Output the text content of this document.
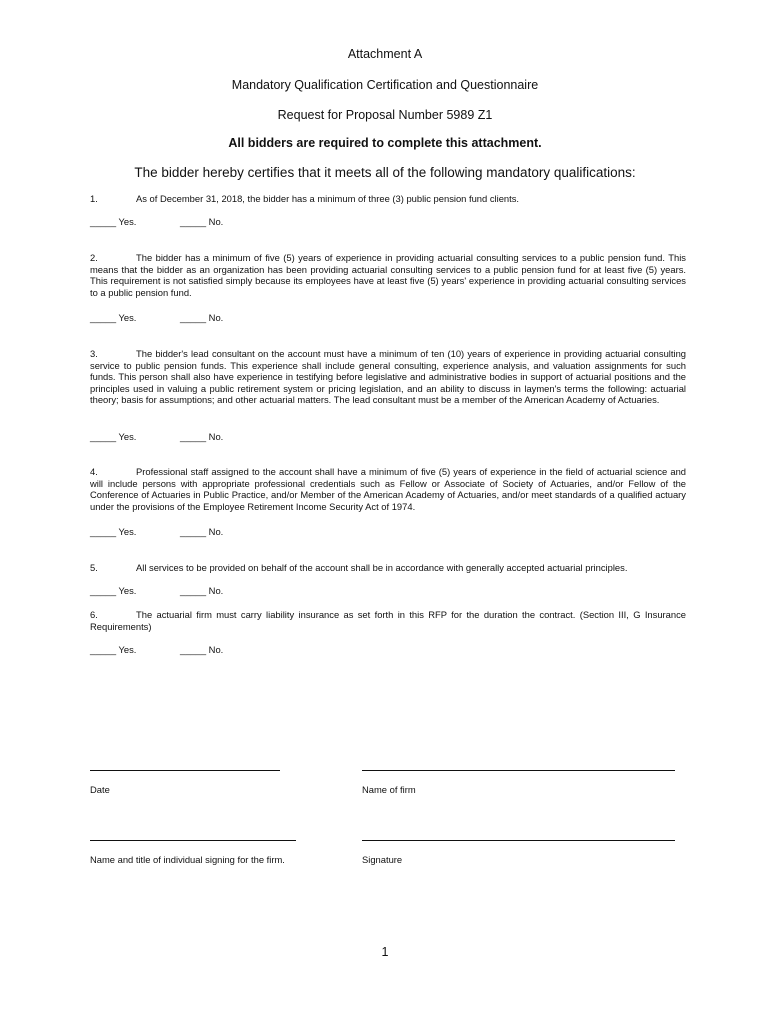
Attachment A
Mandatory Qualification Certification and Questionnaire
Request for Proposal Number 5989 Z1
All bidders are required to complete this attachment.
The bidder hereby certifies that it meets all of the following mandatory qualifications:
1.	As of December 31, 2018, the bidder has a minimum of three (3) public pension fund clients.
_____ Yes.	_____ No.
2.	The bidder has a minimum of five (5) years of experience in providing actuarial consulting services to a public pension fund. This means that the bidder as an organization has been providing actuarial consulting services to a public pension fund for at least five (5) years. This requirement is not satisfied simply because its employees have at least five (5) years' experience in providing actuarial consulting services to a public pension fund.
_____ Yes.	_____ No.
3.	The bidder's lead consultant on the account must have a minimum of ten (10) years of experience in providing actuarial consulting service to public pension funds. This experience shall include general consulting, experience analysis, and valuation assignments for such funds. This person shall also have experience in testifying before legislative and administrative bodies in support of actuarial positions and the principles used in valuing a public retirement system or pricing legislation, and an ability to discuss in laymen's terms the following: actuarial theory; basis for assumptions; and other actuarial matters. The lead consultant must be a member of the American Academy of Actuaries.
_____ Yes.	_____ No.
4.	Professional staff assigned to the account shall have a minimum of five (5) years of experience in the field of actuarial science and will include persons with appropriate professional credentials such as Fellow or Associate of Society of Actuaries, and/or Fellow of the Conference of Actuaries in Public Practice, and/or Member of the American Academy of Actuaries, and/or meet standards of a qualified actuary under the provisions of the Employee Retirement Income Security Act of 1974.
_____ Yes.	_____ No.
5.	All services to be provided on behalf of the account shall be in accordance with generally accepted actuarial principles.
_____ Yes.	_____ No.
6.	The actuarial firm must carry liability insurance as set forth in this RFP for the duration the contract. (Section III, G Insurance Requirements)
_____ Yes.	_____ No.
Date	Name of firm
Name and title of individual signing for the firm.	Signature
1
